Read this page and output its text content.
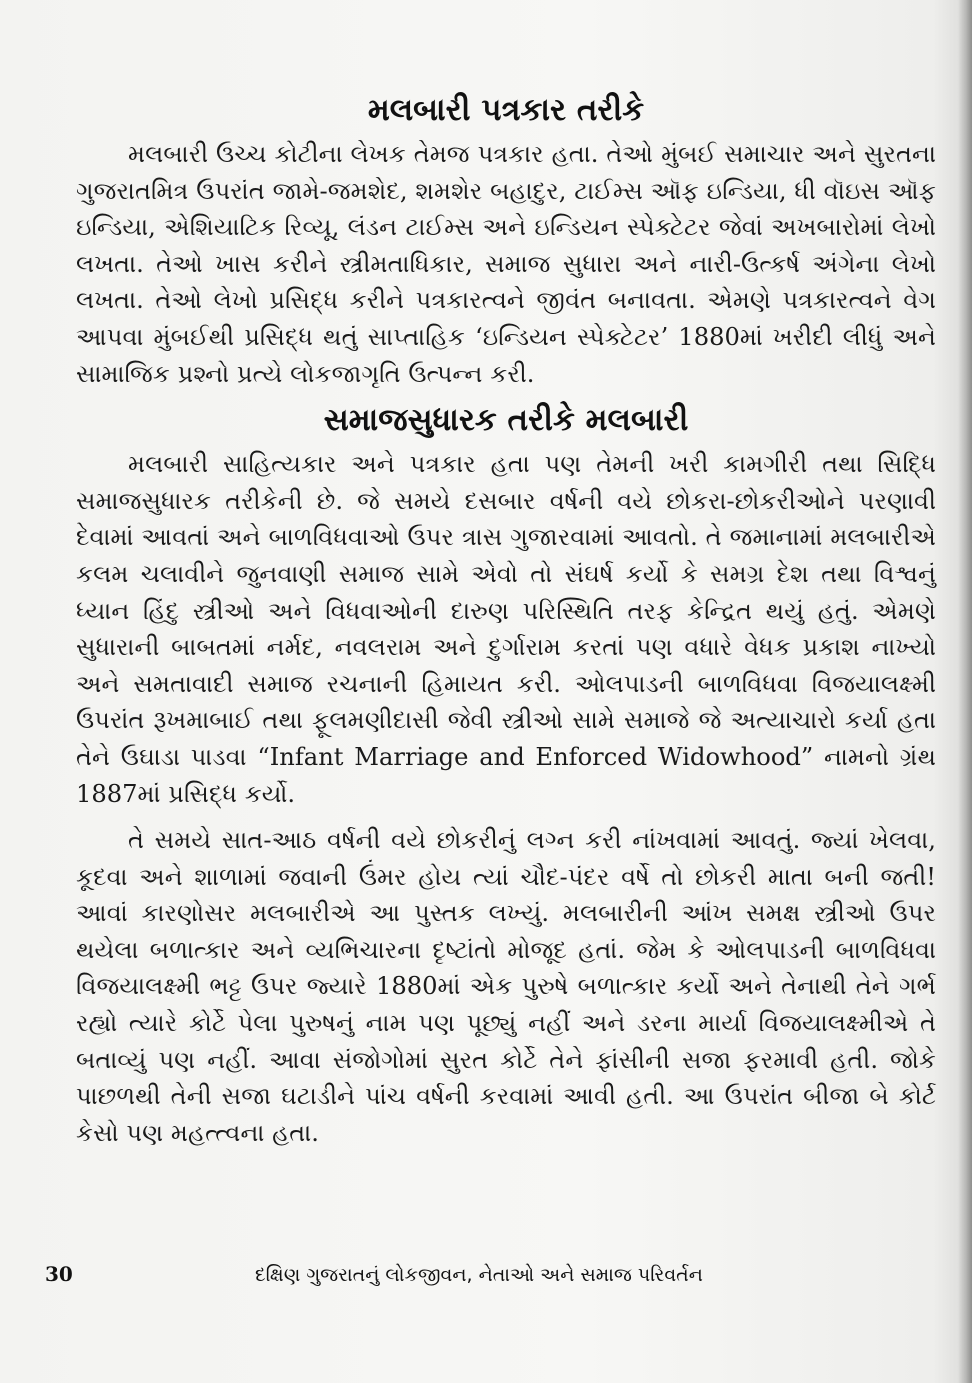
મલબારી પત્રકાર તરીકે

મલબારી ઉચ્ચ કોટીના લેખક તેમજ પત્રકાર હતા. તેઓ મુંબઈ સમાચાર અને સુરતના ગુજરાતમિત્ર ઉપરાંત જામે-જમશેદ, શમશેર બહાદુર, ટાઈમ્સ ઑફ ઇન્ડિયા, ધી વૉઇસ ઑફ ઇન્ડિયા, એશિયાટિક રિવ્યૂ, લંડન ટાઈમ્સ અને ઇન્ડિયન સ્પેક્ટેટર જેવાં અખબારોમાં લેખો લખતા. તેઓ ખાસ કરીને સ્ત્રીમતાધિકાર, સમાજ સુધારા અને નારી-ઉત્કર્ષ અંગેના લેખો લખતા. તેઓ લેખો પ્રસિદ્ધ કરીને પત્રકારત્વને જીવંત બનાવતા. એમણે પત્રકારત્વને વેગ આપવા મુંબઈથી પ્રસિદ્ધ થતું સાપ્તાહિક ‘ઇન્ડિયન સ્પેક્ટેટર’ 1880માં ખરીદી લીધું અને સામાજિક પ્રશ્નો પ્રત્યે લોકજાગૃતિ ઉત્પન્ન કરી.

સમાજસુધારક તરીકે મલબારી

મલબારી સાહિત્યકાર અને પત્રકાર હતા પણ તેમની ખરી કામગીરી તથા સિદ્ધિ સમાજસુધારક તરીકેની છે. જે સમયે દસબાર વર્ષની વયે છોકરા-છોકરીઓને પરણાવી દેવામાં આવતાં અને બાળવિધવાઓ ઉપર ત્રાસ ગુજારવામાં આવતો. તે જમાનામાં મલબારીએ કલમ ચલાવીને જુનવાણી સમાજ સામે એવો તો સંઘર્ષ કર્યો કે સમગ્ર દેશ તથા વિશ્વનું ધ્યાન હિંદુ સ્ત્રીઓ અને વિધવાઓની દારુણ પરિસ્થિતિ તરફ કેન્દ્રિત થયું હતું. એમણે સુધારાની બાબતમાં નર્મદ, નવલરામ અને દુર્ગારામ કરતાં પણ વધારે વેધક પ્રકાશ નાખ્યો અને સમતાવાદી સમાજ રચનાની હિમાયત કરી. ઓલપાડની બાળવિધવા વિજયાલક્ષ્મી ઉપરાંત રૂખમાબાઈ તથા ફૂલમણીદાસી જેવી સ્ત્રીઓ સામે સમાજે જે અત્યાચારો કર્યા હતા તેને ઉઘાડા પાડવા “Infant Marriage and Enforced Widowhood” નામનો ગ્રંથ 1887માં પ્રસિદ્ધ કર્યો.

તે સમયે સાત-આઠ વર્ષની વયે છોકરીનું લગ્ન કરી નાંખવામાં આવતું. જ્યાં ખેલવા, કૂદવા અને શાળામાં જવાની ઉંમર હોય ત્યાં ચૌદ-પંદર વર્ષે તો છોકરી માતા બની જતી! આવાં કારણોસર મલબારીએ આ પુસ્તક લખ્યું. મલબારીની આંખ સમક્ષ સ્ત્રીઓ ઉપર થયેલા બળાત્કાર અને વ્યભિચારના દૃષ્ટાંતો મોજૂદ હતાં. જેમ કે ઓલપાડની બાળવિધવા વિજયાલક્ષ્મી ભટ્ટ ઉપર જ્યારે 1880માં એક પુરુષે બળાત્કાર કર્યો અને તેનાથી તેને ગર્ભ રહ્યો ત્યારે કોર્ટે પેલા પુરુષનું નામ પણ પૂછ્યું નહીં અને ડરના માર્યા વિજયાલક્ષ્મીએ તે બતાવ્યું પણ નહીં. આવા સંજોગોમાં સુરત કોર્ટે તેને ફાંસીની સજા ફરમાવી હતી. જોકે પાછળથી તેની સજા ઘટાડીને પાંચ વર્ષની કરવામાં આવી હતી. આ ઉપરાંત બીજા બે કોર્ટ કેસો પણ મહત્ત્વના હતા.

30	દક્ષિણ ગુજરાતનું લોકજીવન, નેતાઓ અને સમાજ પરિવર્તન
